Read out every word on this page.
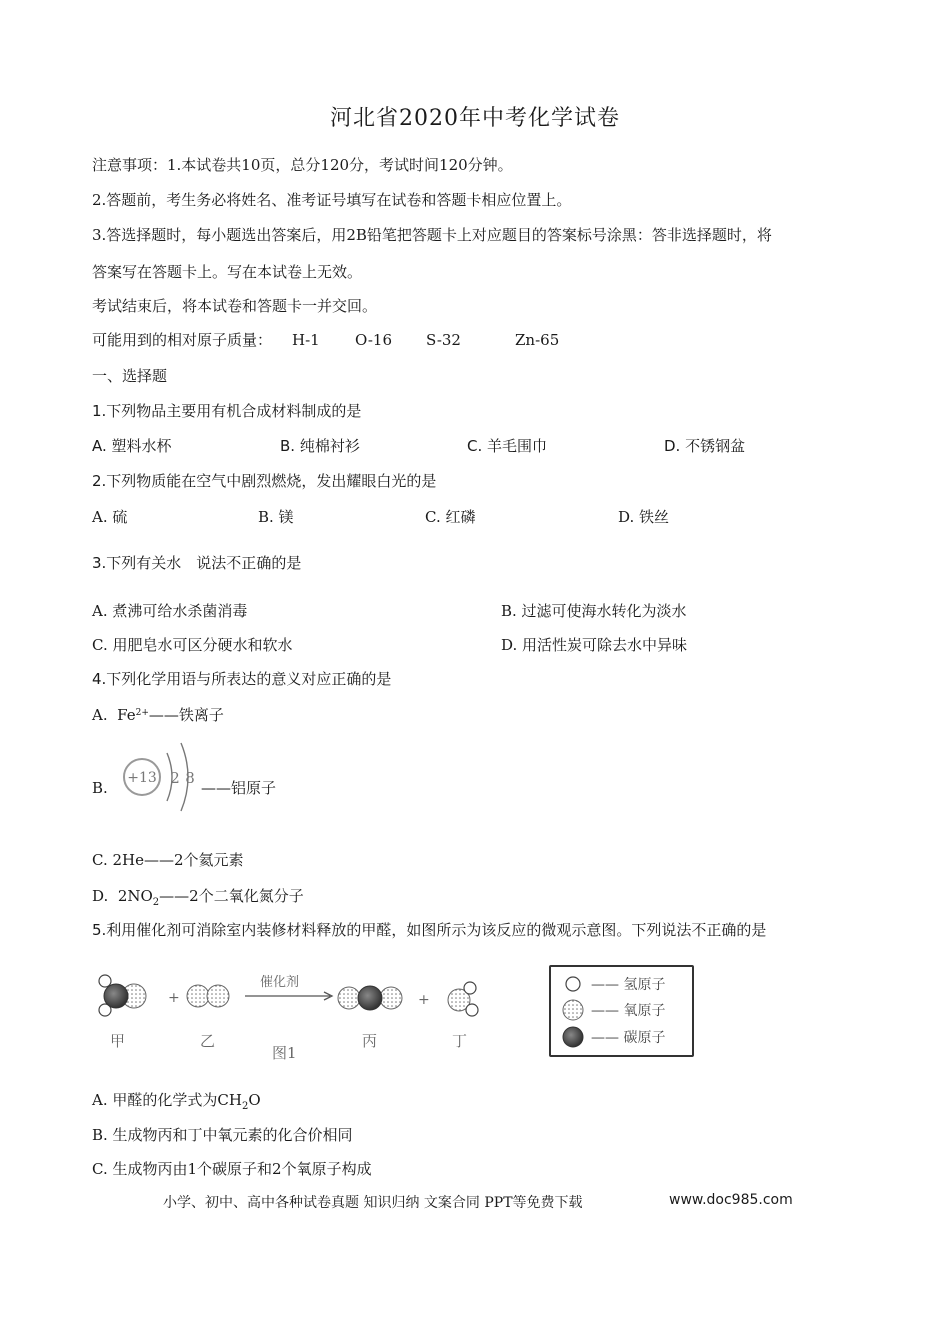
河北省2020年中考化学试卷
注意事项：1.本试卷共10页，总分120分，考试时间120分钟。
2.答题前，考生务必将姓名、准考证号填写在试卷和答题卡相应位置上。
3.答选择题时，每小题选出答案后，用2B铅笔把答题卡上对应题目的答案标号涂黑：答非选择题时，将
答案写在答题卡上。写在本试卷上无效。
考试结束后，将本试卷和答题卡一并交回。
可能用到的相对原子质量： H-1 O-16 S-32	Zn-65
一、选择题
1.下列物品主要用有机合成材料制成的是
A. 塑料水杯	B. 纯棉衬衫	C. 羊毛围巾	D. 不锈钢盆
2.下列物质能在空气中剧烈燃烧，发出耀眼白光的是
A. 硫	B. 镁	C. 红磷	D. 铁丝
3.下列有关水　说法不正确的是
A. 煮沸可给水杀菌消毒	B. 过滤可使海水转化为淡水
C. 用肥皂水可区分硬水和软水	D. 用活性炭可除去水中异味
4.下列化学用语与所表达的意义对应正确的是
A. $Fe^{2+}——$铁离子
B.
+13 2 8
——铝原子
C. 2He——2个氦元素
D. $2NO_2——2$个二氧化氮分子
5.利用催化剂可消除室内装修材料释放的甲醛，如图所示为该反应的微观示意图。下列说法不正确的是
+
催化剂
+
甲	乙
图1
丙	丁
—— 氢原子
—— 氧原子
—— 碳原子
A. 甲醛的化学式为$CH_2O$
B. 生成物丙和丁中氧元素的化合价相同
C. 生成物丙由1个碳原子和2个氧原子构成
小学、初中、高中各种试卷真题 知识归纳 文案合同 PPT等免费下载	www.doc985.com
